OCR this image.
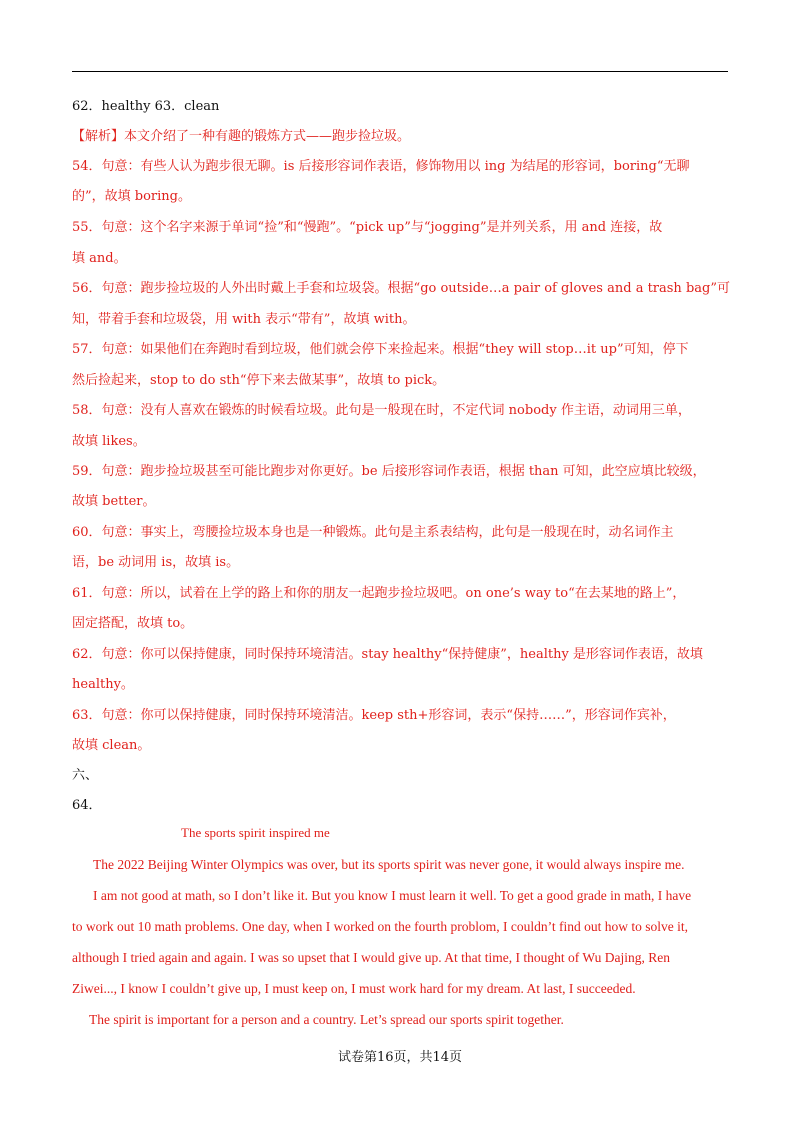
62．healthy 63．clean
【解析】本文介绍了一种有趣的锻炼方式——跑步捡垃圾。
54．句意：有些人认为跑步很无聊。is 后接形容词作表语，修饰物用以 ing 为结尾的形容词，boring“无聊
的”，故填 boring。
55．句意：这个名字来源于单词“捡”和“慢跑”。“pick up”与“jogging”是并列关系，用 and 连接，故
填 and。
56．句意：跑步捡垃圾的人外出时戴上手套和垃圾袋。根据“go outside…a pair of gloves and a trash bag”可
知，带着手套和垃圾袋，用 with 表示“带有”，故填 with。
57．句意：如果他们在奔跑时看到垃圾，他们就会停下来捡起来。根据“they will stop…it up”可知，停下
然后捡起来，stop to do sth“停下来去做某事”，故填 to pick。
58．句意：没有人喜欢在锻炼的时候看垃圾。此句是一般现在时，不定代词 nobody 作主语，动词用三单，
故填 likes。
59．句意：跑步捡垃圾甚至可能比跑步对你更好。be 后接形容词作表语，根据 than 可知，此空应填比较级，
故填 better。
60．句意：事实上，弯腰捡垃圾本身也是一种锻炼。此句是主系表结构，此句是一般现在时，动名词作主
语，be 动词用 is，故填 is。
61．句意：所以，试着在上学的路上和你的朋友一起跑步捡垃圾吧。on one’s way to“在去某地的路上”，
固定搭配，故填 to。
62．句意：你可以保持健康，同时保持环境清洁。stay healthy“保持健康”，healthy 是形容词作表语，故填
healthy。
63．句意：你可以保持健康，同时保持环境清洁。keep sth+形容词，表示“保持……”，形容词作宾补，
故填 clean。
六、
64．
The sports spirit inspired me
The 2022 Beijing Winter Olympics was over, but its sports spirit was never gone, it would always inspire me.
I am not good at math, so I don’t like it. But you know I must learn it well. To get a good grade in math, I have
to work out 10 math problems. One day, when I worked on the fourth problom, I couldn’t find out how to solve it,
although I tried again and again. I was so upset that I would give up. At that time, I thought of Wu Dajing, Ren
Ziwei..., I know I couldn’t give up, I must keep on, I must work hard for my dream. At last, I succeeded.
The spirit is important for a person and a country. Let’s spread our sports spirit together.
试卷第16页，共14页
